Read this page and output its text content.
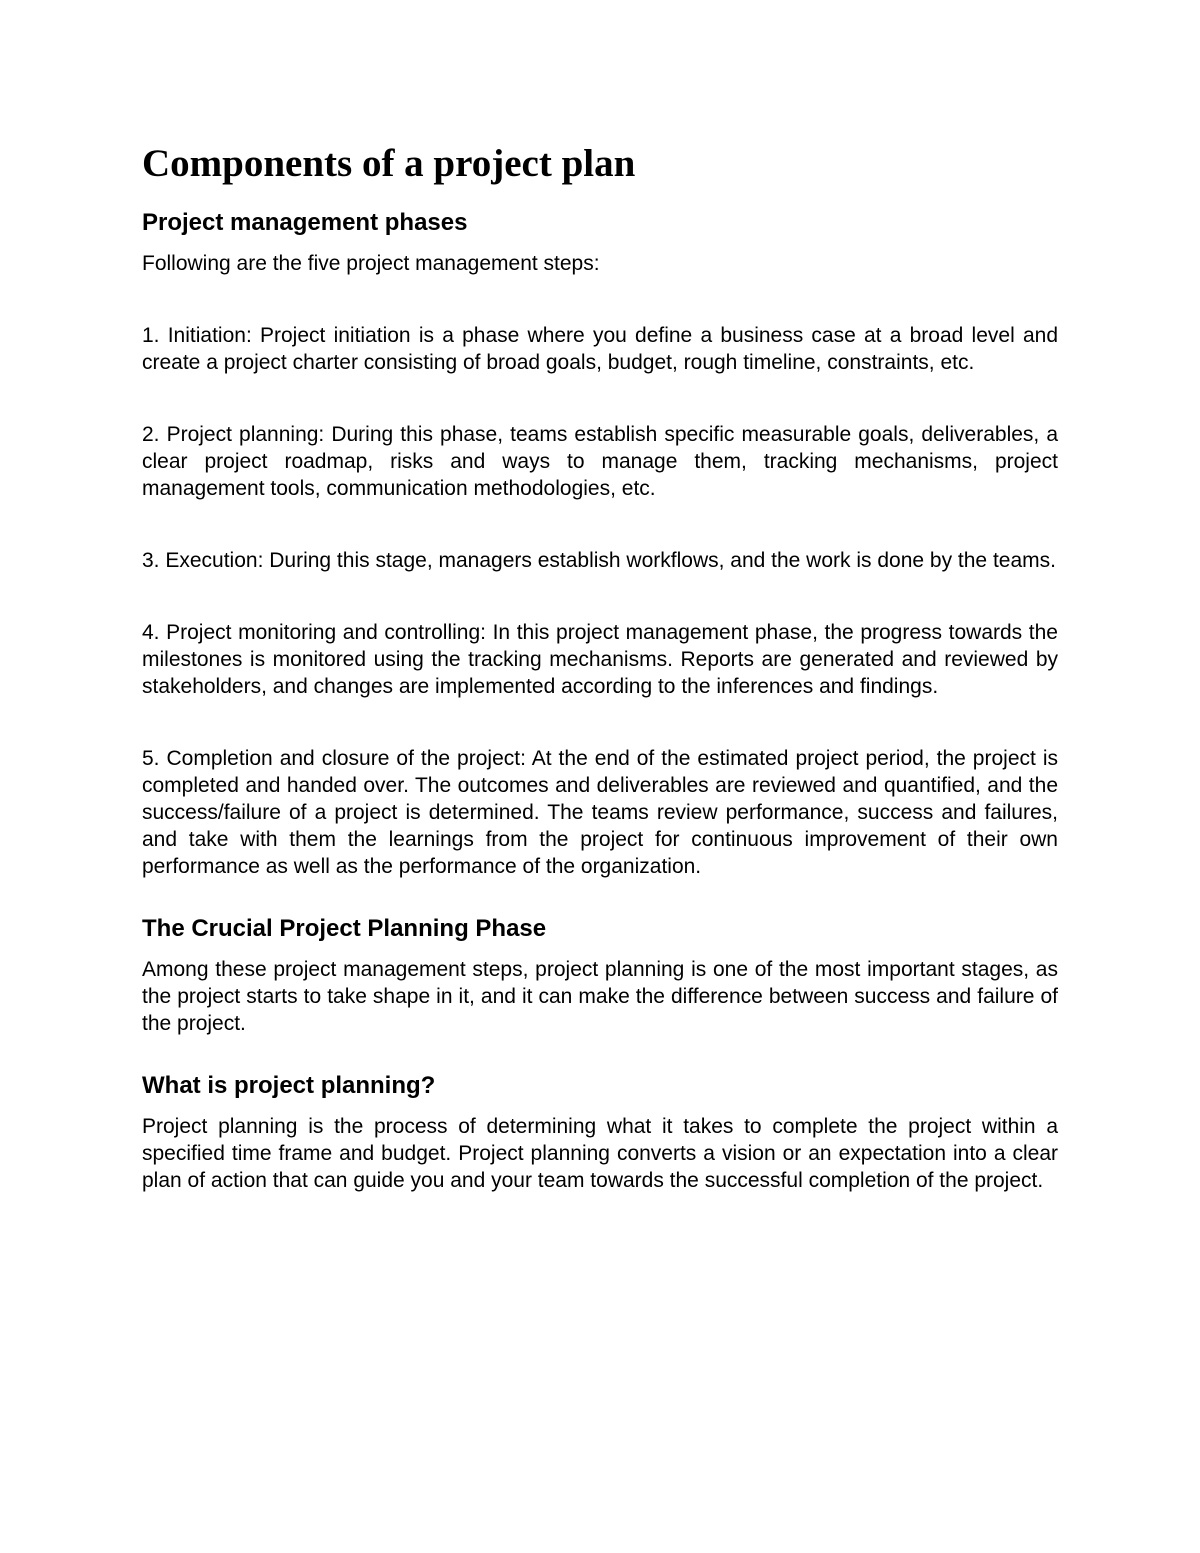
Components of a project plan
Project management phases

Following are the five project management steps:

1. Initiation: Project initiation is a phase where you define a business case at a broad level and create a project charter consisting of broad goals, budget, rough timeline, constraints, etc.

2. Project planning: During this phase, teams establish specific measurable goals, deliverables, a clear project roadmap, risks and ways to manage them, tracking mechanisms, project management tools, communication methodologies, etc.

3. Execution: During this stage, managers establish workflows, and the work is done by the teams.

4. Project monitoring and controlling: In this project management phase, the progress towards the milestones is monitored using the tracking mechanisms. Reports are generated and reviewed by stakeholders, and changes are implemented according to the inferences and findings.

5. Completion and closure of the project: At the end of the estimated project period, the project is completed and handed over. The outcomes and deliverables are reviewed and quantified, and the success/failure of a project is determined. The teams review performance, success and failures, and take with them the learnings from the project for continuous improvement of their own performance as well as the performance of the organization.

The Crucial Project Planning Phase

Among these project management steps, project planning is one of the most important stages, as the project starts to take shape in it, and it can make the difference between success and failure of the project.

What is project planning?

Project planning is the process of determining what it takes to complete the project within a specified time frame and budget. Project planning converts a vision or an expectation into a clear plan of action that can guide you and your team towards the successful completion of the project.
